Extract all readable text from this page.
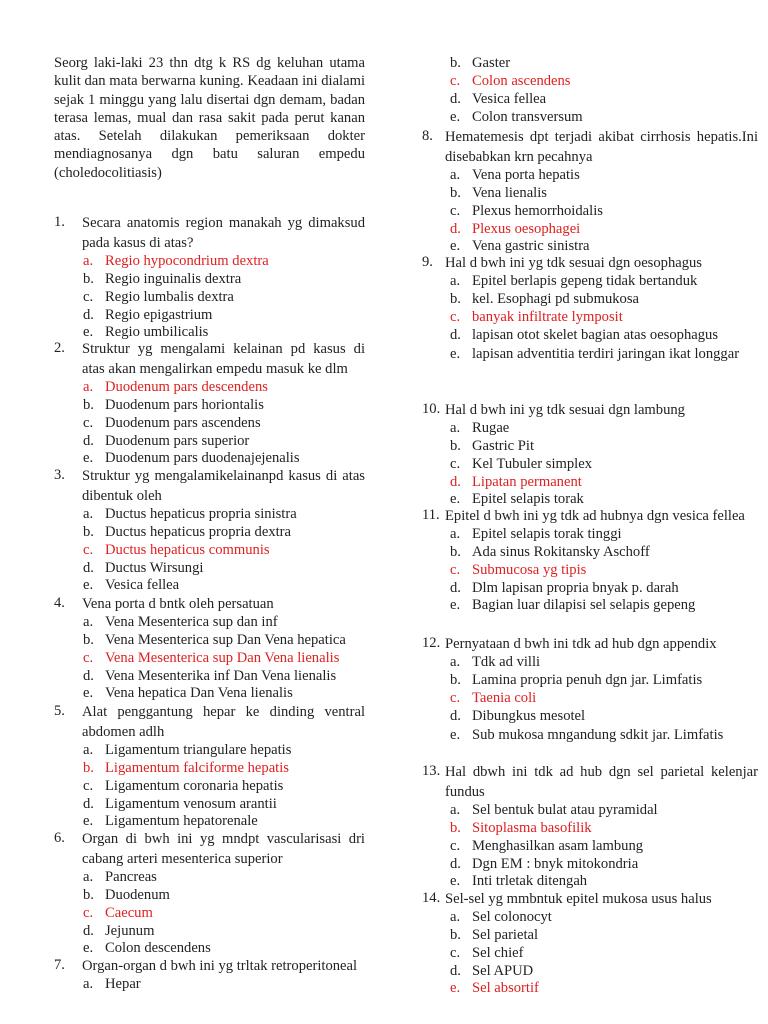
Seorg laki-laki 23 thn dtg k RS dg keluhan utama kulit dan mata berwarna kuning. Keadaan ini dialami sejak 1 minggu yang lalu disertai dgn demam, badan terasa lemas, mual dan rasa sakit pada perut kanan atas. Setelah dilakukan pemeriksaan dokter mendiagnosanya dgn batu saluran empedu (choledocolitiasis)

1.	Secara anatomis region manakah yg dimaksud pada kasus di atas?
a. Regio hypocondrium dextra
b. Regio inguinalis dextra
c. Regio lumbalis dextra
d. Regio epigastrium
e. Regio umbilicalis
2.	Struktur yg mengalami kelainan pd kasus di atas akan mengalirkan empedu masuk ke dlm
a. Duodenum pars descendens
b. Duodenum pars horiontalis
c. Duodenum pars ascendens
d. Duodenum pars superior
e. Duodenum pars duodenajejenalis
3.	Struktur yg mengalamikelainanpd kasus di atas dibentuk oleh
a. Ductus hepaticus propria sinistra
b. Ductus hepaticus propria dextra
c. Ductus hepaticus communis
d. Ductus Wirsungi
e. Vesica fellea
4.	Vena porta d bntk oleh persatuan
a. Vena Mesenterica sup dan inf
b. Vena Mesenterica sup Dan Vena hepatica
c. Vena Mesenterica sup Dan Vena lienalis
d. Vena Mesenterika inf Dan Vena lienalis
e. Vena hepatica Dan Vena lienalis
5.	Alat penggantung hepar ke dinding ventral abdomen adlh
a. Ligamentum triangulare hepatis
b. Ligamentum falciforme hepatis
c. Ligamentum coronaria hepatis
d. Ligamentum venosum arantii
e. Ligamentum hepatorenale
6.	Organ di bwh ini yg mndpt vascularisasi dri cabang arteri mesenterica superior
a. Pancreas
b. Duodenum
c. Caecum
d. Jejunum
e. Colon descendens
7.	Organ-organ d bwh ini yg trltak retroperitoneal
a. Hepar
b. Gaster
c. Colon ascendens
d. Vesica fellea
e. Colon transversum
8. Hematemesis dpt terjadi akibat cirrhosis hepatis.Ini disebabkan krn pecahnya
a. Vena porta hepatis
b. Vena lienalis
c. Plexus hemorrhoidalis
d. Plexus oesophagei
e. Vena gastric sinistra
9. Hal d bwh ini yg tdk sesuai dgn oesophagus
a. Epitel berlapis gepeng tidak bertanduk
b. kel. Esophagi pd submukosa
c. banyak infiltrate lymposit
d. lapisan otot skelet bagian atas oesophagus
e. lapisan adventitia terdiri jaringan ikat longgar
10. Hal d bwh ini yg tdk sesuai dgn lambung
a. Rugae
b. Gastric Pit
c. Kel Tubuler simplex
d. Lipatan permanent
e. Epitel selapis torak
11. Epitel d bwh ini yg tdk ad hubnya dgn vesica fellea
a. Epitel selapis torak tinggi
b. Ada sinus Rokitansky Aschoff
c. Submucosa yg tipis
d. Dlm lapisan propria bnyak p. darah
e. Bagian luar dilapisi sel selapis gepeng
12. Pernyataan d bwh ini tdk ad hub dgn appendix
a. Tdk ad villi
b. Lamina propria penuh dgn jar. Limfatis
c. Taenia coli
d. Dibungkus mesotel
e. Sub mukosa mngandung sdkit jar. Limfatis
13. Hal dbwh ini tdk ad hub dgn sel parietal kelenjar fundus
a. Sel bentuk bulat atau pyramidal
b. Sitoplasma basofilik
c. Menghasilkan asam lambung
d. Dgn EM : bnyk mitokondria
e. Inti trletak ditengah
14. Sel-sel yg mmbntuk epitel mukosa usus halus
a. Sel colonocyt
b. Sel parietal
c. Sel chief
d. Sel APUD
e. Sel absortif
